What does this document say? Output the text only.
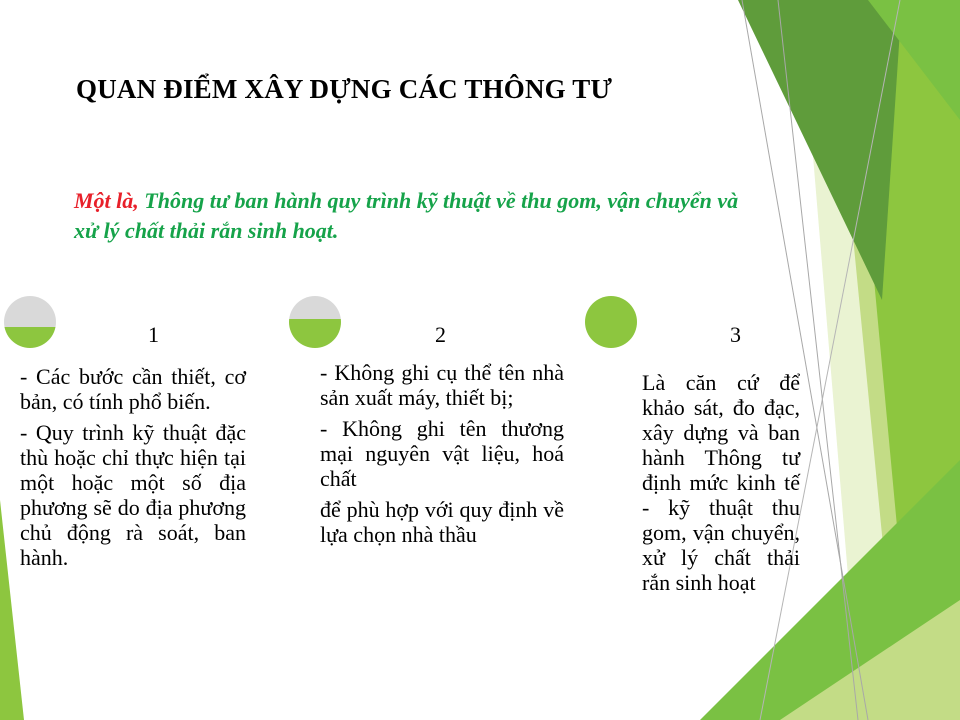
QUAN ĐIỂM XÂY DỰNG CÁC THÔNG TƯ
Một là, Thông tư ban hành quy trình kỹ thuật về thu gom, vận chuyển và xử lý chất thải rắn sinh hoạt.
1	2	3

- Các bước cần thiết, cơ bản, có tính phổ biến.

- Quy trình kỹ thuật đặc thù hoặc chỉ thực hiện tại một hoặc một số địa phương sẽ do địa phương chủ động rà soát, ban hành.

- Không ghi cụ thể tên nhà sản xuất máy, thiết bị;

- Không ghi tên thương mại nguyên vật liệu, hoá chất

để phù hợp với quy định về lựa chọn nhà thầu

Là căn cứ để khảo sát, đo đạc, xây dựng và ban hành Thông tư định mức kinh tế - kỹ thuật thu gom, vận chuyển, xử lý chất thải rắn sinh hoạt
